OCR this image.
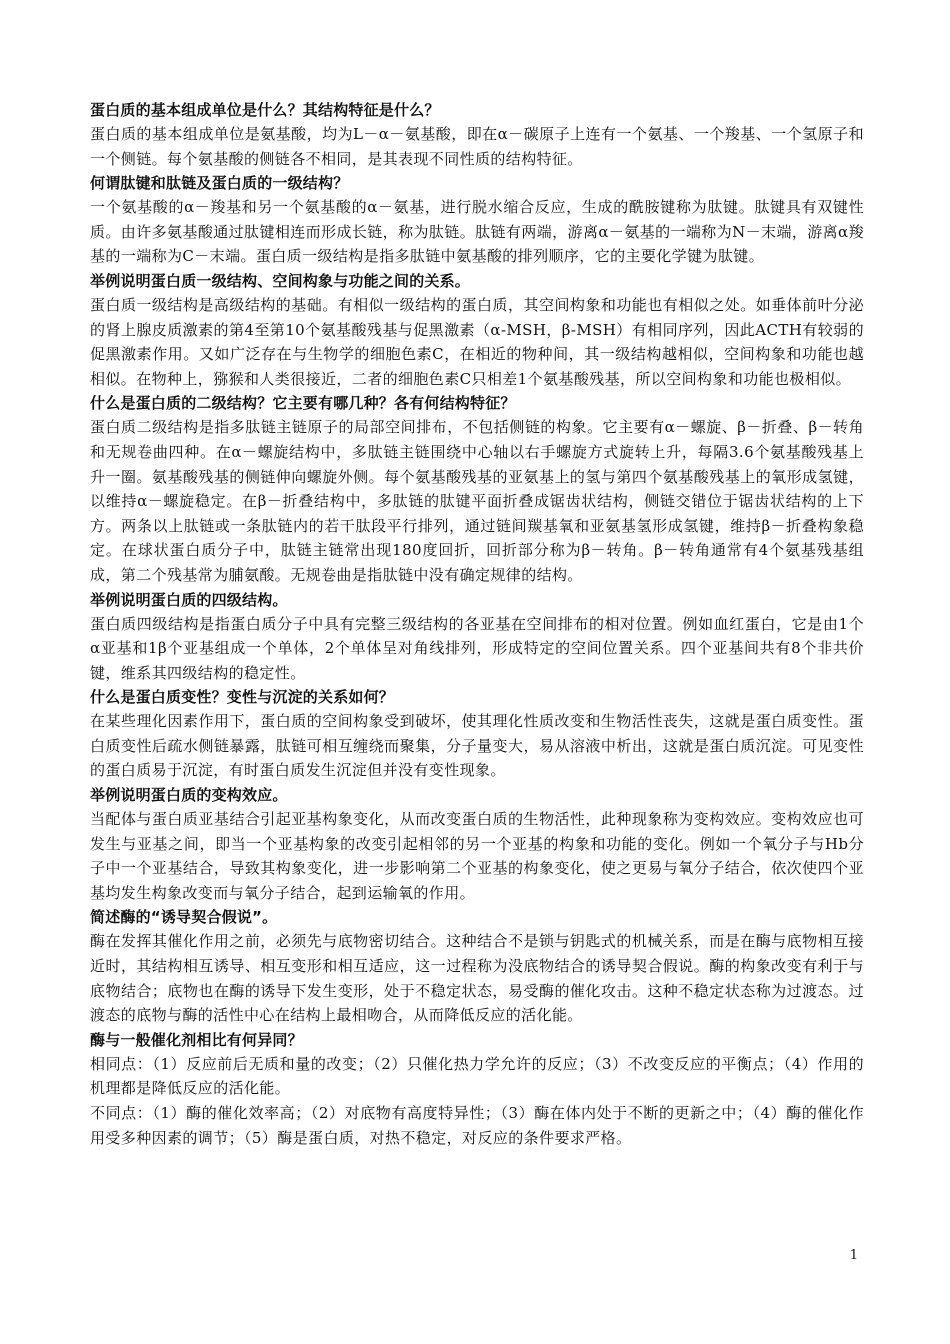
蛋白质的基本组成单位是什么？其结构特征是什么？

蛋白质的基本组成单位是氨基酸，均为L－α－氨基酸，即在α－碳原子上连有一个氨基、一个羧基、一个氢原子和一个侧链。每个氨基酸的侧链各不相同，是其表现不同性质的结构特征。

何谓肽键和肽链及蛋白质的一级结构？

一个氨基酸的α－羧基和另一个氨基酸的α－氨基，进行脱水缩合反应，生成的酰胺键称为肽键。肽键具有双键性质。由许多氨基酸通过肽键相连而形成长链，称为肽链。肽链有两端，游离α－氨基的一端称为N－末端，游离α羧基的一端称为C－末端。蛋白质一级结构是指多肽链中氨基酸的排列顺序，它的主要化学键为肽键。

举例说明蛋白质一级结构、空间构象与功能之间的关系。

蛋白质一级结构是高级结构的基础。有相似一级结构的蛋白质，其空间构象和功能也有相似之处。如垂体前叶分泌的肾上腺皮质激素的第4至第10个氨基酸残基与促黑激素（α-MSH，β-MSH）有相同序列，因此ACTH有较弱的促黑激素作用。又如广泛存在与生物学的细胞色素C，在相近的物种间，其一级结构越相似，空间构象和功能也越相似。在物种上，猕猴和人类很接近，二者的细胞色素C只相差1个氨基酸残基，所以空间构象和功能也极相似。

什么是蛋白质的二级结构？它主要有哪几种？各有何结构特征？

蛋白质二级结构是指多肽链主链原子的局部空间排布，不包括侧链的构象。它主要有α－螺旋、β－折叠、β－转角和无规卷曲四种。在α－螺旋结构中，多肽链主链围绕中心轴以右手螺旋方式旋转上升，每隔3.6个氨基酸残基上升一圈。氨基酸残基的侧链伸向螺旋外侧。每个氨基酸残基的亚氨基上的氢与第四个氨基酸残基上的氧形成氢键，以维持α－螺旋稳定。在β－折叠结构中，多肽链的肽键平面折叠成锯齿状结构，侧链交错位于锯齿状结构的上下方。两条以上肽链或一条肽链内的若干肽段平行排列，通过链间羰基氧和亚氨基氢形成氢键，维持β－折叠构象稳定。在球状蛋白质分子中，肽链主链常出现180度回折，回折部分称为β－转角。β－转角通常有4个氨基残基组成，第二个残基常为脯氨酸。无规卷曲是指肽链中没有确定规律的结构。

举例说明蛋白质的四级结构。

蛋白质四级结构是指蛋白质分子中具有完整三级结构的各亚基在空间排布的相对位置。例如血红蛋白，它是由1个α亚基和1β个亚基组成一个单体，2个单体呈对角线排列，形成特定的空间位置关系。四个亚基间共有8个非共价键，维系其四级结构的稳定性。

什么是蛋白质变性？变性与沉淀的关系如何？

在某些理化因素作用下，蛋白质的空间构象受到破坏，使其理化性质改变和生物活性丧失，这就是蛋白质变性。蛋白质变性后疏水侧链暴露，肽链可相互缠绕而聚集，分子量变大，易从溶液中析出，这就是蛋白质沉淀。可见变性的蛋白质易于沉淀，有时蛋白质发生沉淀但并没有变性现象。

举例说明蛋白质的变构效应。

当配体与蛋白质亚基结合引起亚基构象变化，从而改变蛋白质的生物活性，此种现象称为变构效应。变构效应也可发生与亚基之间，即当一个亚基构象的改变引起相邻的另一个亚基的构象和功能的变化。例如一个氧分子与Hb分子中一个亚基结合，导致其构象变化，进一步影响第二个亚基的构象变化，使之更易与氧分子结合，依次使四个亚基均发生构象改变而与氧分子结合，起到运输氧的作用。

简述酶的“诱导契合假说”。

酶在发挥其催化作用之前，必须先与底物密切结合。这种结合不是锁与钥匙式的机械关系，而是在酶与底物相互接近时，其结构相互诱导、相互变形和相互适应，这一过程称为没底物结合的诱导契合假说。酶的构象改变有利于与底物结合；底物也在酶的诱导下发生变形，处于不稳定状态，易受酶的催化攻击。这种不稳定状态称为过渡态。过渡态的底物与酶的活性中心在结构上最相吻合，从而降低反应的活化能。

酶与一般催化剂相比有何异同？

相同点：（1）反应前后无质和量的改变；（2）只催化热力学允许的反应；（3）不改变反应的平衡点；（4）作用的机理都是降低反应的活化能。

不同点：（1）酶的催化效率高；（2）对底物有高度特异性；（3）酶在体内处于不断的更新之中；（4）酶的催化作用受多种因素的调节；（5）酶是蛋白质，对热不稳定，对反应的条件要求严格。

1
